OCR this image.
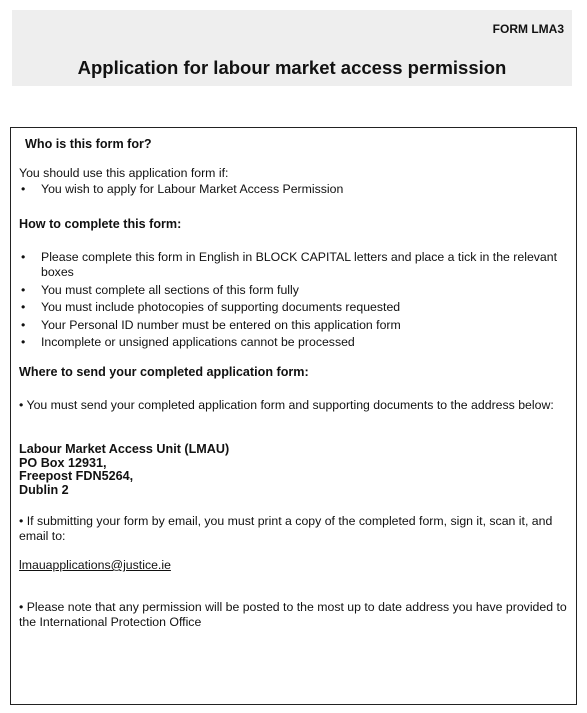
FORM LMA3
Application for labour market access permission

Who is this form for?

You should use this application form if:

• You wish to apply for Labour Market Access Permission

How to complete this form:

• Please complete this form in English in BLOCK CAPITAL letters and place a tick in the relevant boxes
• You must complete all sections of this form fully
• You must include photocopies of supporting documents requested
• Your Personal ID number must be entered on this application form
• Incomplete or unsigned applications cannot be processed

Where to send your completed application form:

• You must send your completed application form and supporting documents to the address below:

Labour Market Access Unit (LMAU)
PO Box 12931,
Freepost FDN5264,
Dublin 2

• If submitting your form by email, you must print a copy of the completed form, sign it, scan it, and email to:

lmauapplications@justice.ie

• Please note that any permission will be posted to the most up to date address you have provided to the International Protection Office
